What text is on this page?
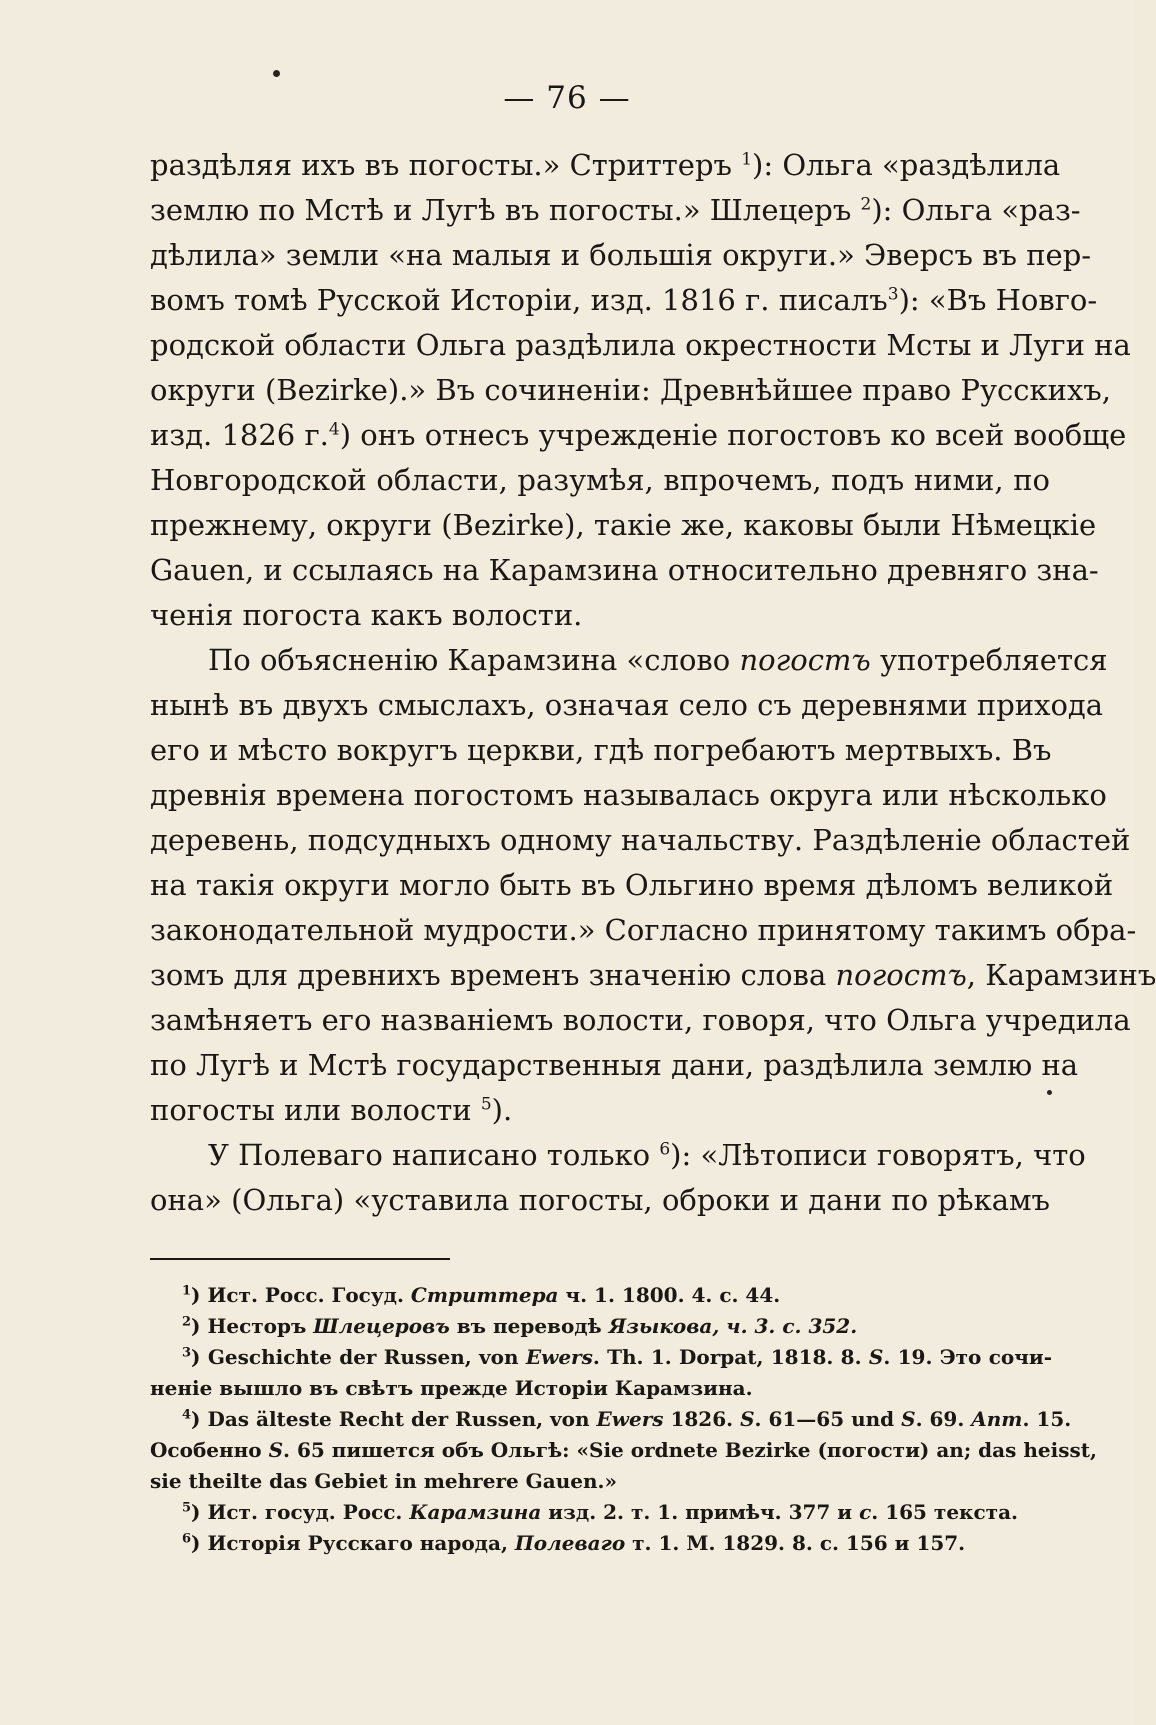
— 76 —
раздѣляя ихъ въ погосты.» Стриттеръ $^1$): Ольга «раздѣлила
землю по Мстѣ и Лугѣ въ погосты.» Шлецеръ $^2$): Ольга «раз-
дѣлила» земли «на малыя и большія округи.» Эверсъ въ пер-
вомъ томѣ Русской Исторіи, изд. 1816 г. писалъ$^3$): «Въ Новго-
родской области Ольга раздѣлила окрестности Мсты и Луги на
округи (Bezirke).» Въ сочиненіи: Древнѣйшее право Русскихъ,
изд. 1826 г.$^4$) онъ отнесъ учрежденіе погостовъ ко всей вообще
Новгородской области, разумѣя, впрочемъ, подъ ними, по
прежнему, округи (Bezirke), такіе же, каковы были Нѣмецкіе
Gauen, и ссылаясь на Карамзина относительно древняго зна-
ченія погоста какъ волости.
По объясненію Карамзина «слово погостъ употребляется
нынѣ въ двухъ смыслахъ, означая село съ деревнями прихода
его и мѣсто вокругъ церкви, гдѣ погребаютъ мертвыхъ. Въ
древнія времена погостомъ называлась округа или нѣсколько
деревень, подсудныхъ одному начальству. Раздѣленіе областей
на такія округи могло быть въ Ольгино время дѣломъ великой
законодательной мудрости.» Согласно принятому такимъ обра-
зомъ для древнихъ временъ значенію слова погостъ, Карамзинъ
замѣняетъ его названіемъ волости, говоря, что Ольга учредила
по Лугѣ и Мстѣ государственныя дани, раздѣлила землю на
погосты или волости $^5$).
У Полеваго написано только $^6$): «Лѣтописи говорятъ, что
она» (Ольга) «уставила погосты, оброки и дани по рѣкамъ
$^1$) Ист. Росс. Госуд. Стриттера ч. 1. 1800. 4. с. 44.
$^2$) Несторъ Шлецеровъ въ переводѣ Языкова, ч. 3. с. 352.
$^3$) Geschichte der Russen, von Ewers. Th. 1. Dorpat, 1818. 8. S. 19. Это сочи-
неніе вышло въ свѣтъ прежде Исторіи Карамзина.
$^4$) Das älteste Recht der Russen, von Ewers 1826. S. 61—65 und S. 69. Anm. 15.
Особенно S. 65 пишется объ Ольгѣ: «Sie ordnete Bezirke (погости) an; das heisst,
sie theilte das Gebiet in mehrere Gauen.»
$^5$) Ист. госуд. Росс. Карамзина изд. 2. т. 1. примѣч. 377 и с. 165 текста.
$^6$) Исторія Русскаго народа, Полеваго т. 1. М. 1829. 8. с. 156 и 157.
